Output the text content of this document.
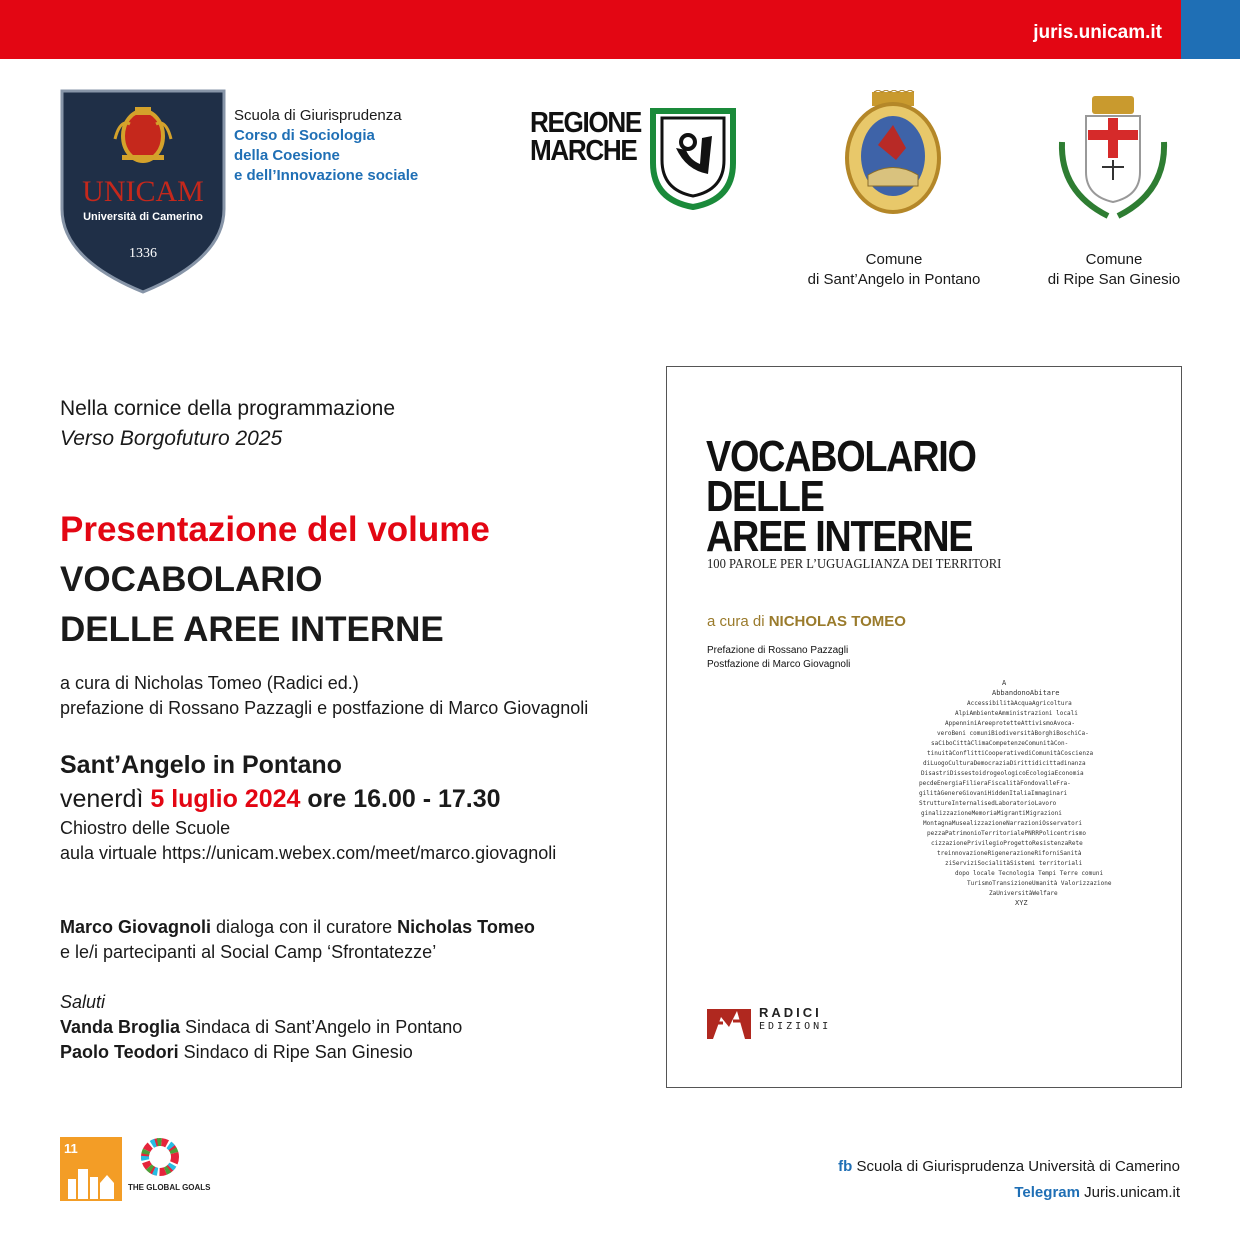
juris.unicam.it
UNICAM
Università di Camerino
1336
Scuola di Giurisprudenza
Corso di Sociologia
della Coesione
e dell’Innovazione sociale
REGIONE
MARCHE
Comune
di Sant’Angelo in Pontano
Comune
di Ripe San Ginesio
Nella cornice della programmazione
Verso Borgofuturo 2025
Presentazione del volume
VOCABOLARIO
DELLE AREE INTERNE
a cura di Nicholas Tomeo (Radici ed.)
prefazione di Rossano Pazzagli e postfazione di Marco Giovagnoli
Sant’Angelo in Pontano
venerdì 5 luglio 2024 ore 16.00 - 17.30
Chiostro delle Scuole
aula virtuale https://unicam.webex.com/meet/marco.giovagnoli
Marco Giovagnoli dialoga con il curatore Nicholas Tomeo
e le/i partecipanti al Social Camp ‘Sfrontatezze’
Saluti
Vanda Broglia Sindaca di Sant’Angelo in Pontano
Paolo Teodori Sindaco di Ripe San Ginesio
VOCABOLARIO
DELLE
AREE INTERNE
100 PAROLE PER L’UGUAGLIANZA DEI TERRITORI
a cura di NICHOLAS TOMEO
Prefazione di Rossano Pazzagli
Postfazione di Marco Giovagnoli
A
AbbandonoAbitare
AccessibilitàAcquaAgricoltura
AlpiAmbienteAmministrazioni locali
AppenniniAreeprotetteAttivismoAvoca-
veroBeni comuniBiodiversitàBorghiBoschiCa-
saCiboCittàClimaCompetenzeComunitàCon-
tinuitàConflittiCooperativediComunitàCoscienza
diLuogoCulturaDemocraziaDirittidicittadinanza
DisastriDissestoidrogeologicoEcologiaEconomia
pecdeEnergiaFilieraFiscalitàFondovalleFra-
gilitàGenereGiovaniHiddenItaliaImmaginari
StruttureInternalisedLaboratorioLavoro
ginalizzazioneMemoriaMigrantiMigrazioni
MontagnaMusealizzazioneNarrazioniOsservatori
pezzaPatrimonioTerritorialePNRRPolicentrismo
cizzazionePrivilegioProgettoResistenzaRete
treinnovazioneRigenerazioneRiforniSanità
ziServiziSocialitàSistemi territoriali
dopo locale Tecnologia Tempi Terre comuni
TurismoTransizioneUmanità Valorizzazione
ZaUniversitàWelfare
XYZ
RADICI
EDIZIONI
11
THE GLOBAL GOALS
fb Scuola di Giurisprudenza Università di Camerino
Telegram Juris.unicam.it
